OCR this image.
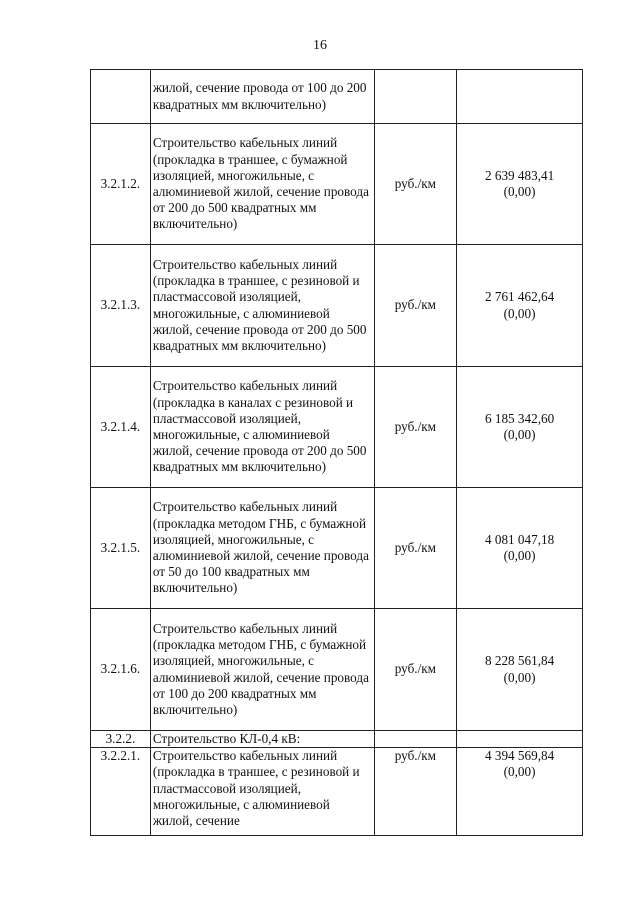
16

	жилой, сечение провода от 100 до 200 квадратных мм включительно)		

3.2.1.2.	Строительство кабельных линий (прокладка в траншее, с бумажной изоляцией, многожильные, с алюминиевой жилой, сечение провода от 200 до 500 квадратных мм включительно)	руб./км	2 639 483,41
(0,00)

3.2.1.3.	Строительство кабельных линий (прокладка в траншее, с резиновой и пластмассовой изоляцией, многожильные, с алюминиевой жилой, сечение провода от 200 до 500 квадратных мм включительно)	руб./км	2 761 462,64
(0,00)

3.2.1.4.	Строительство кабельных линий (прокладка в каналах с резиновой и пластмассовой изоляцией, многожильные, с алюминиевой жилой, сечение провода от 200 до 500 квадратных мм включительно)	руб./км	6 185 342,60
(0,00)

3.2.1.5.	Строительство кабельных линий (прокладка методом ГНБ, с бумажной изоляцией, многожильные, с алюминиевой жилой, сечение провода от 50 до 100 квадратных мм включительно)	руб./км	4 081 047,18
(0,00)

3.2.1.6.	Строительство кабельных линий (прокладка методом ГНБ, с бумажной изоляцией, многожильные, с алюминиевой жилой, сечение провода от 100 до 200 квадратных мм включительно)	руб./км	8 228 561,84
(0,00)

3.2.2.	Строительство КЛ-0,4 кВ:		

3.2.2.1.	Строительство кабельных линий (прокладка в траншее, с резиновой и пластмассовой изоляцией, многожильные, с алюминиевой жилой, сечение	руб./км	4 394 569,84
(0,00)
